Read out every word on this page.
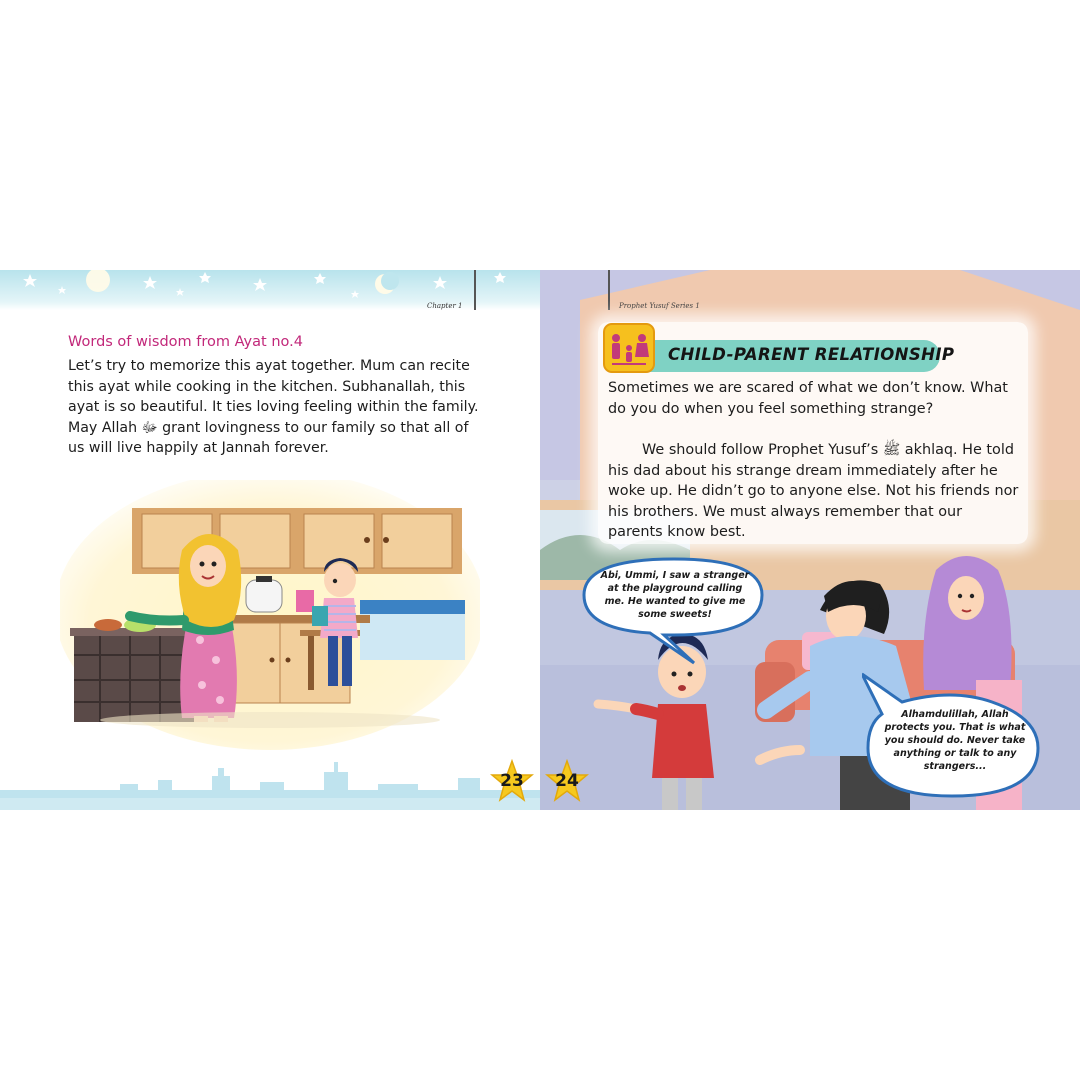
Chapter 1
Words of wisdom from Ayat no.4

Let’s try to memorize this ayat together. Mum can recite this ayat while cooking in the kitchen. Subhanallah, this ayat is so beautiful. It ties loving feeling within the family. May Allah ﷻ grant lovingness to our family so that all of us will live happily at Jannah forever.

23
Prophet Yusuf Series 1
CHILD-PARENT RELATIONSHIP

Sometimes we are scared of what we don’t know. What do you do when you feel something strange?

We should follow Prophet Yusuf’s ﷺ akhlaq. He told his dad about his strange dream immediately after he woke up. He didn’t go to anyone else. Not his friends nor his brothers. We must always remember that our parents know best.

Abi, Ummi, I saw a stranger at the playground calling me. He wanted to give me some sweets!
Alhamdulillah, Allah protects you. That is what you should do. Never take anything or talk to any strangers...
24
